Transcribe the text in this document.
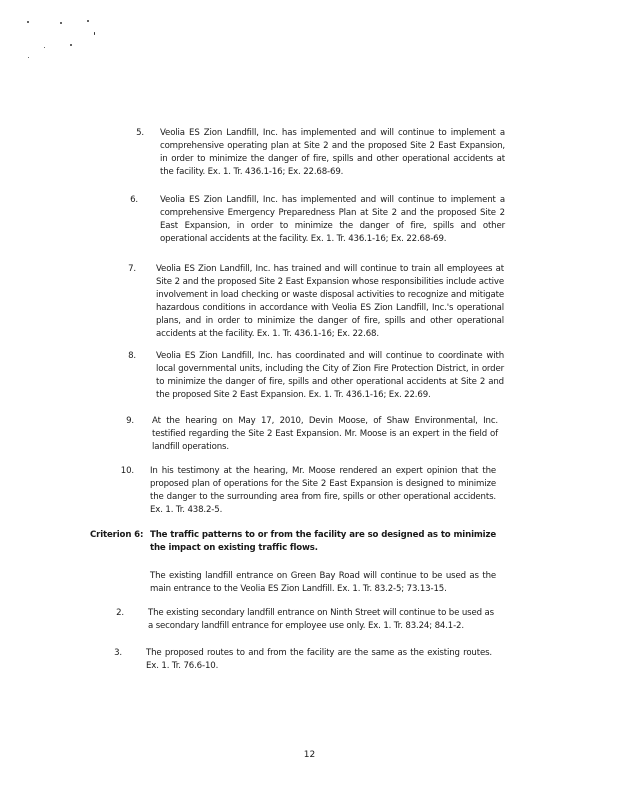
5. Veolia ES Zion Landfill, Inc. has implemented and will continue to implement a comprehensive operating plan at Site 2 and the proposed Site 2 East Expansion, in order to minimize the danger of fire, spills and other operational accidents at the facility. Ex. 1. Tr. 436.1-16; Ex. 22.68-69.
6.	Veolia ES Zion Landfill, Inc. has implemented and will continue to implement a comprehensive Emergency Preparedness Plan at Site 2 and the proposed Site 2 East Expansion, in order to minimize the danger of fire, spills and other operational accidents at the facility. Ex. 1. Tr. 436.1-16; Ex. 22.68-69.
7. Veolia ES Zion Landfill, Inc. has trained and will continue to train all employees at Site 2 and the proposed Site 2 East Expansion whose responsibilities include active involvement in load checking or waste disposal activities to recognize and mitigate hazardous conditions in accordance with Veolia ES Zion Landfill, Inc.'s operational plans, and in order to minimize the danger of fire, spills and other operational accidents at the facility. Ex. 1. Tr. 436.1-16; Ex. 22.68.
8. Veolia ES Zion Landfill, Inc. has coordinated and will continue to coordinate with local governmental units, including the City of Zion Fire Protection District, in order to minimize the danger of fire, spills and other operational accidents at Site 2 and the proposed Site 2 East Expansion. Ex. 1. Tr. 436.1-16; Ex. 22.69.
9. At the hearing on May 17, 2010, Devin Moose, of Shaw Environmental, Inc. testified regarding the Site 2 East Expansion. Mr. Moose is an expert in the field of landfill operations.
10. In his testimony at the hearing, Mr. Moose rendered an expert opinion that the proposed plan of operations for the Site 2 East Expansion is designed to minimize the danger to the surrounding area from fire, spills or other operational accidents. Ex. 1. Tr. 438.2-5.
Criterion 6: The traffic patterns to or from the facility are so designed as to minimize the impact on existing traffic flows.
The existing landfill entrance on Green Bay Road will continue to be used as the main entrance to the Veolia ES Zion Landfill. Ex. 1. Tr. 83.2-5; 73.13-15.
2.	The existing secondary landfill entrance on Ninth Street will continue to be used as a secondary landfill entrance for employee use only. Ex. 1. Tr. 83.24; 84.1-2.
3.	The proposed routes to and from the facility are the same as the existing routes. Ex. 1. Tr. 76.6-10.
12
